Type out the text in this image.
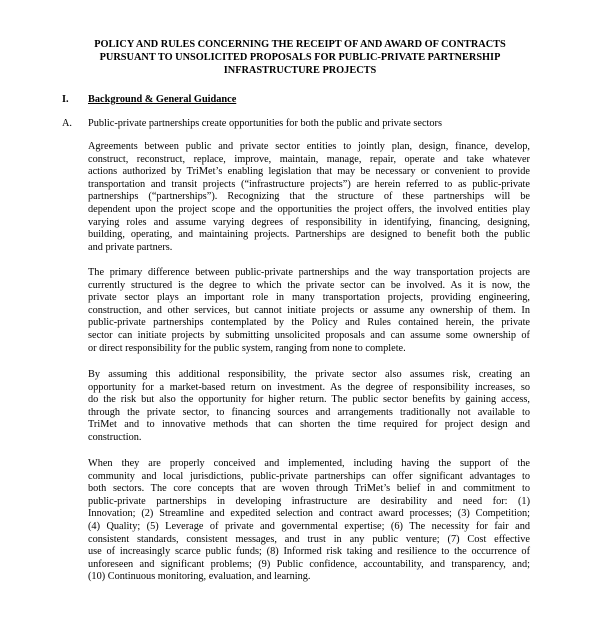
POLICY AND RULES CONCERNING THE RECEIPT OF AND AWARD OF CONTRACTS
PURSUANT TO UNSOLICITED PROPOSALS FOR PUBLIC-PRIVATE PARTNERSHIP
INFRASTRUCTURE PROJECTS
I. Background & General Guidance
A. Public-private partnerships create opportunities for both the public and private sectors
Agreements between public and private sector entities to jointly plan, design, finance, develop,
construct, reconstruct, replace, improve, maintain, manage, repair, operate and take whatever
actions authorized by TriMet’s enabling legislation that may be necessary or convenient to provide
transportation and transit projects (“infrastructure projects”) are herein referred to as public-private
partnerships (“partnerships”). Recognizing that the structure of these partnerships will be
dependent upon the project scope and the opportunities the project offers, the involved entities play
varying roles and assume varying degrees of responsibility in identifying, financing, designing,
building, operating, and maintaining projects. Partnerships are designed to benefit both the public
and private partners.
The primary difference between public-private partnerships and the way transportation projects are
currently structured is the degree to which the private sector can be involved. As it is now, the
private sector plays an important role in many transportation projects, providing engineering,
construction, and other services, but cannot initiate projects or assume any ownership of them. In
public-private partnerships contemplated by the Policy and Rules contained herein, the private
sector can initiate projects by submitting unsolicited proposals and can assume some ownership of
or direct responsibility for the public system, ranging from none to complete.
By assuming this additional responsibility, the private sector also assumes risk, creating an
opportunity for a market-based return on investment. As the degree of responsibility increases, so
do the risk but also the opportunity for higher return. The public sector benefits by gaining access,
through the private sector, to financing sources and arrangements traditionally not available to
TriMet and to innovative methods that can shorten the time required for project design and
construction.
When they are properly conceived and implemented, including having the support of the
community and local jurisdictions, public-private partnerships can offer significant advantages to
both sectors. The core concepts that are woven through TriMet’s belief in and commitment to
public-private partnerships in developing infrastructure are desirability and need for: (1)
Innovation; (2) Streamline and expedited selection and contract award processes; (3) Competition;
(4) Quality; (5) Leverage of private and governmental expertise; (6) The necessity for fair and
consistent standards, consistent messages, and trust in any public venture; (7) Cost effective
use of increasingly scarce public funds; (8) Informed risk taking and resilience to the occurrence of
unforeseen and significant problems; (9) Public confidence, accountability, and transparency, and;
(10) Continuous monitoring, evaluation, and learning.
